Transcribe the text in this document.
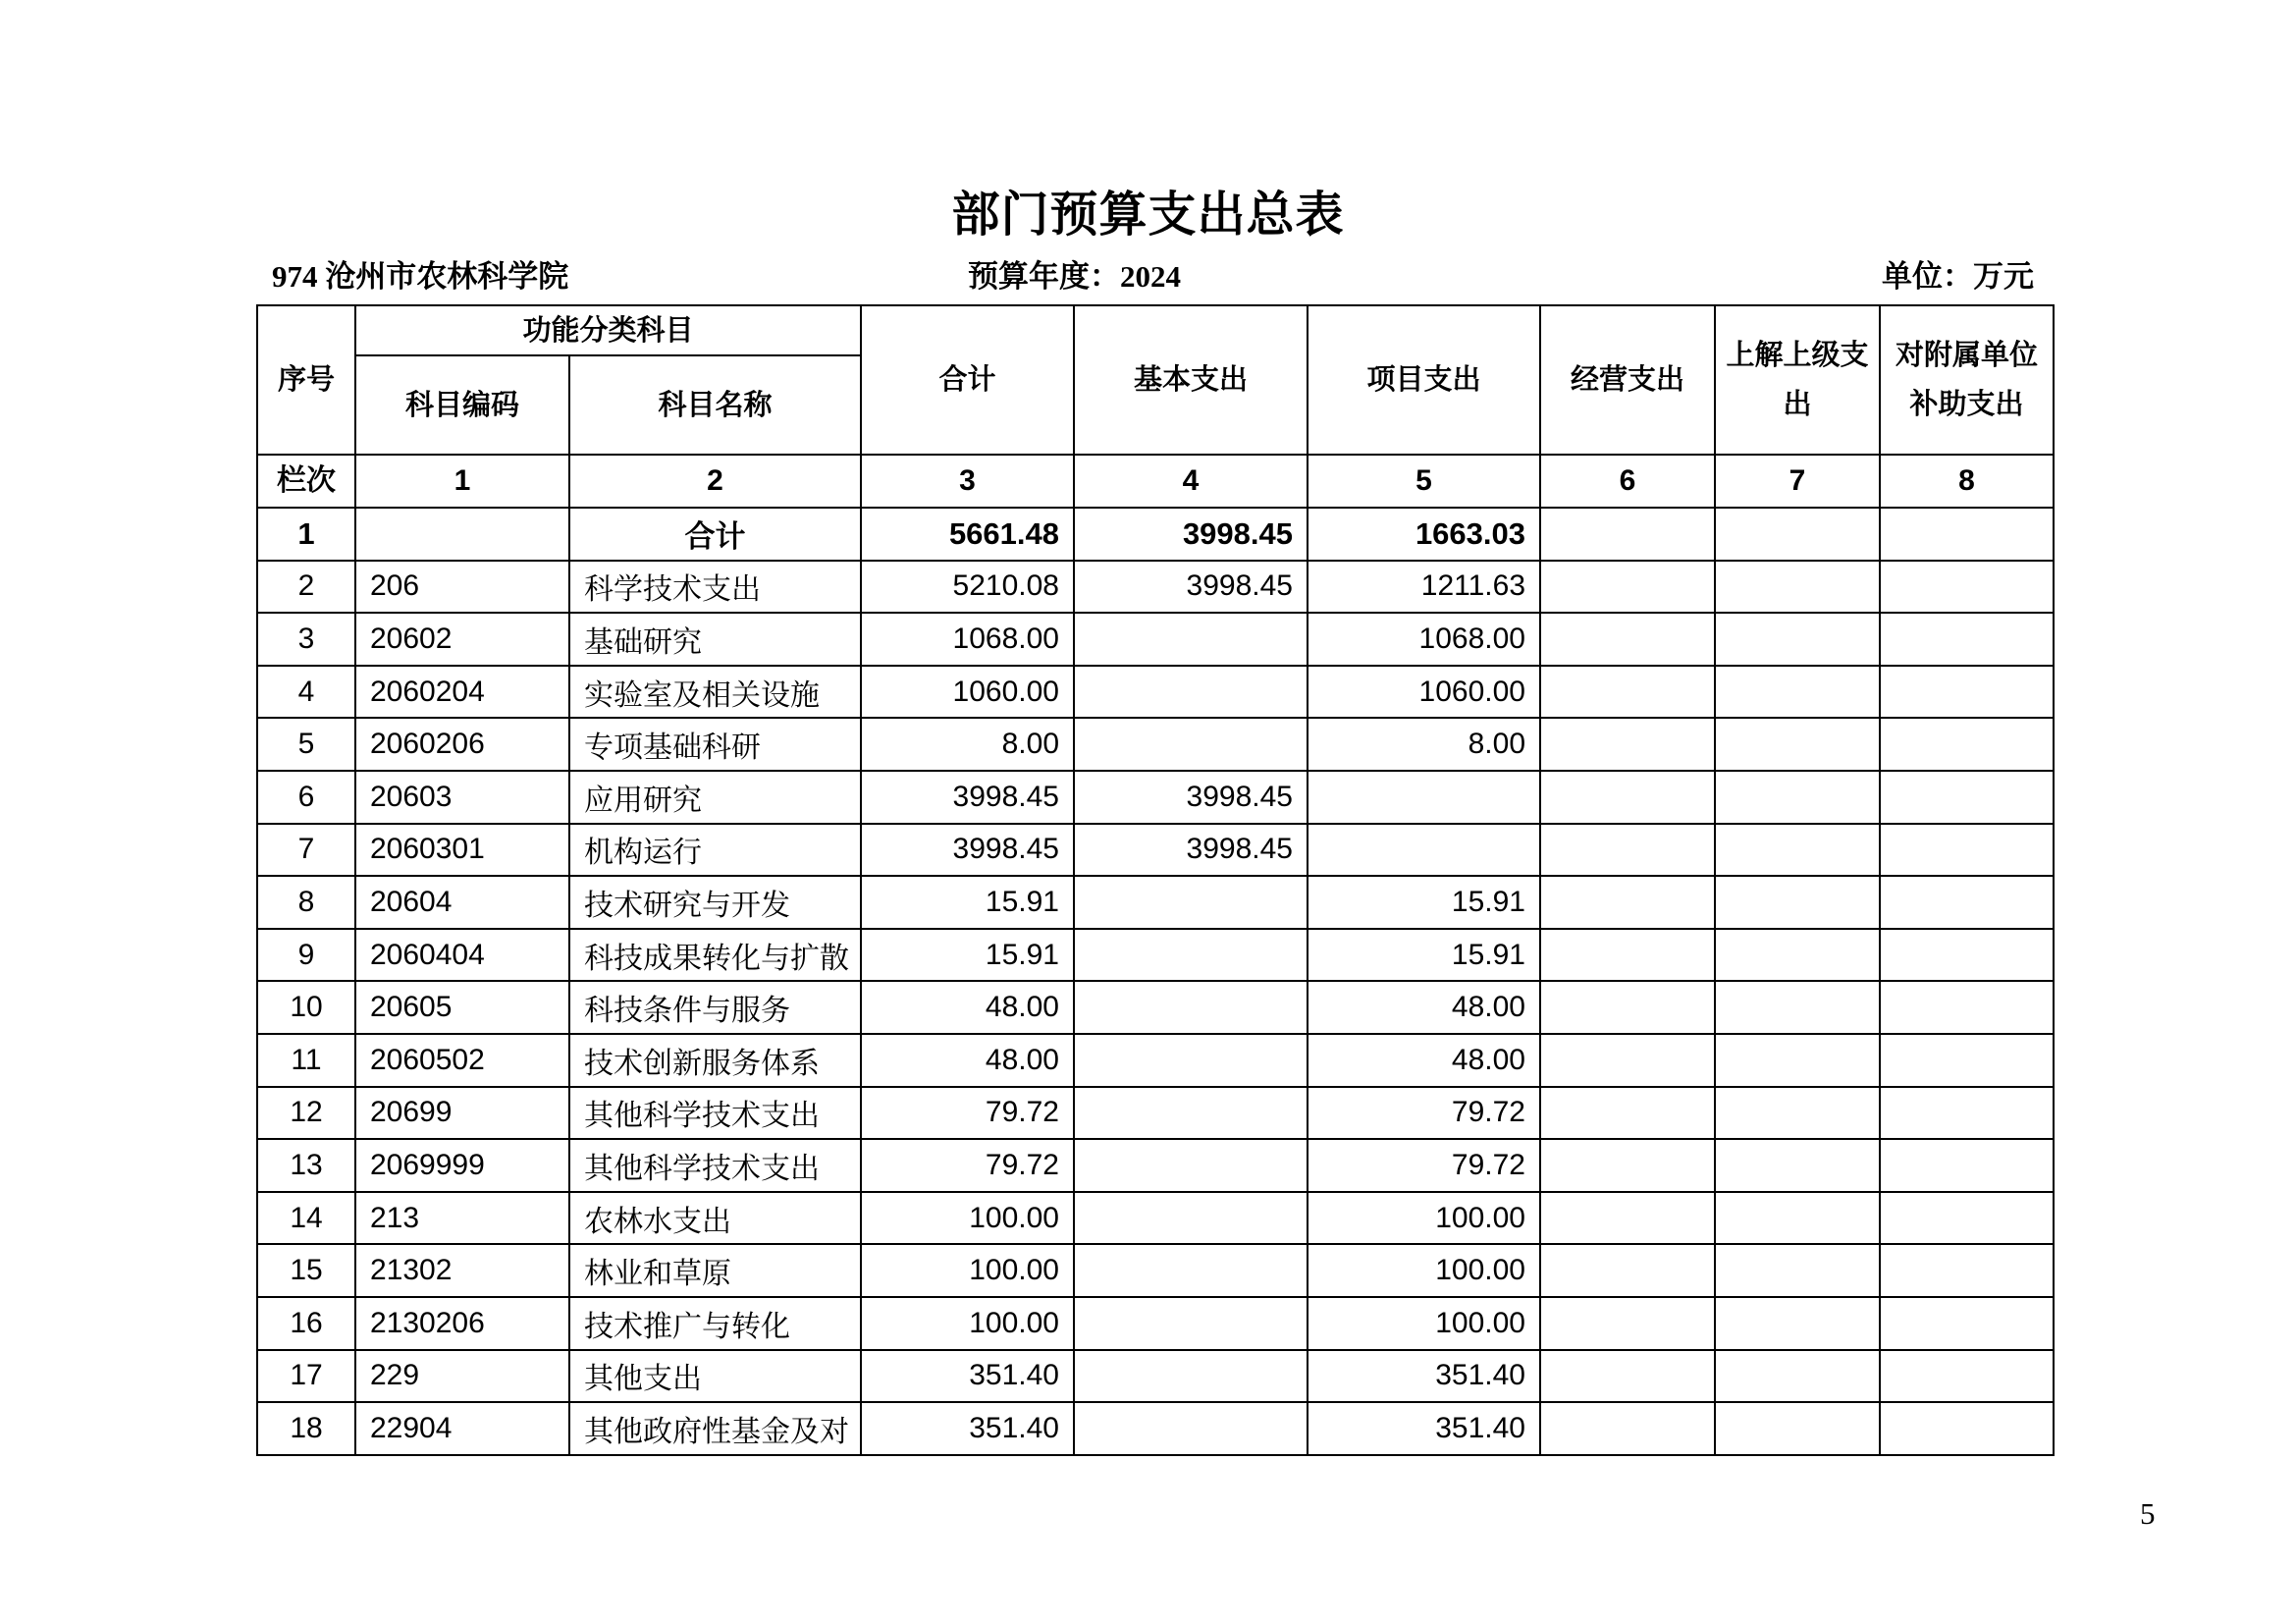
部门预算支出总表
974 沧州市农林科学院	预算年度：2024	单位：万元
序号	功能分类科目		合计	基本支出	项目支出	经营支出	上解上级支出	对附属单位补助支出
	科目编码	科目名称						
栏次	1	2	3	4	5	6	7	8
1		合计	5661.48	3998.45	1663.03			
2	206	科学技术支出	5210.08	3998.45	1211.63			
3	20602	基础研究	1068.00		1068.00			
4	2060204	实验室及相关设施	1060.00		1060.00			
5	2060206	专项基础科研	8.00		8.00			
6	20603	应用研究	3998.45	3998.45				
7	2060301	机构运行	3998.45	3998.45				
8	20604	技术研究与开发	15.91		15.91			
9	2060404	科技成果转化与扩散	15.91		15.91			
10	20605	科技条件与服务	48.00		48.00			
11	2060502	技术创新服务体系	48.00		48.00			
12	20699	其他科学技术支出	79.72		79.72			
13	2069999	其他科学技术支出	79.72		79.72			
14	213	农林水支出	100.00		100.00			
15	21302	林业和草原	100.00		100.00			
16	2130206	技术推广与转化	100.00		100.00			
17	229	其他支出	351.40		351.40			
18	22904	其他政府性基金及对	351.40		351.40			
5
